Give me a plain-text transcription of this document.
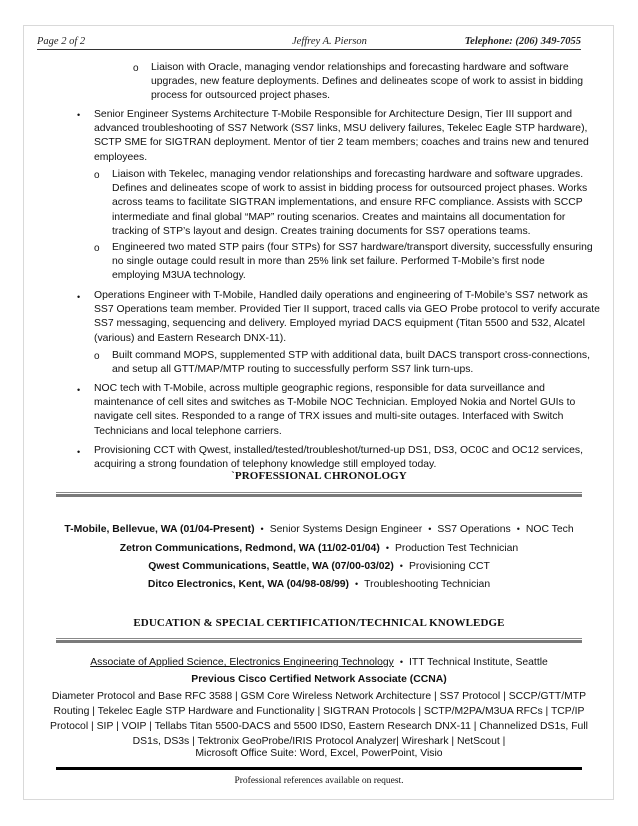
Page 2 of 2	Jeffrey A. Pierson	Telephone: (206) 349-7055
o Liaison with Oracle, managing vendor relationships and forecasting hardware and software
upgrades, new feature deployments. Defines and delineates scope of work to assist in bidding
process for outsourced project phases.
• Senior Engineer Systems Architecture T-Mobile Responsible for Architecture Design, Tier III support and
advanced troubleshooting of SS7 Network (SS7 links, MSU delivery failures, Tekelec Eagle STP hardware),
SCTP SME for SIGTRAN deployment. Mentor of tier 2 team members; coaches and trains new and tenured
employees.
o Liaison with Tekelec, managing vendor relationships and forecasting hardware and software upgrades.
Defines and delineates scope of work to assist in bidding process for outsourced project phases. Works
across teams to facilitate SIGTRAN implementations, and ensure RFC compliance. Assists with SCCP
intermediate and final global “MAP” routing scenarios. Creates and maintains all documentation for
tracking of STP’s layout and design. Creates training documents for SS7 operations teams.
o Engineered two mated STP pairs (four STPs) for SS7 hardware/transport diversity, successfully ensuring
no single outage could result in more than 25% link set failure. Performed T-Mobile’s first node
employing M3UA technology.
• Operations Engineer with T-Mobile, Handled daily operations and engineering of T-Mobile’s SS7 network as
SS7 Operations team member. Provided Tier II support, traced calls via GEO Probe protocol to verify accurate
SS7 messaging, sequencing and delivery. Employed myriad DACS equipment (Titan 5500 and 532, Alcatel
(various) and Eastern Research DNX-11).
o Built command MOPS, supplemented STP with additional data, built DACS transport cross-connections,
and setup all GTT/MAP/MTP routing to successfully perform SS7 link turn-ups.
• NOC tech with T-Mobile, across multiple geographic regions, responsible for data surveillance and
maintenance of cell sites and switches as T-Mobile NOC Technician. Employed Nokia and Nortel GUIs to
navigate cell sites. Responded to a range of TRX issues and multi-site outages. Interfaced with Switch
Technicians and local telephone carriers.
• Provisioning CCT with Qwest, installed/tested/troubleshot/turned-up DS1, DS3, OC0C and OC12 services,
acquiring a strong foundation of telephony knowledge still employed today.
`PROFESSIONAL CHRONOLOGY
T-Mobile, Bellevue, WA (01/04-Present) • Senior Systems Design Engineer • SS7 Operations • NOC Tech
Zetron Communications, Redmond, WA (11/02-01/04) • Production Test Technician
Qwest Communications, Seattle, WA (07/00-03/02) • Provisioning CCT
Ditco Electronics, Kent, WA (04/98-08/99) • Troubleshooting Technician
EDUCATION & SPECIAL CERTIFICATION/TECHNICAL KNOWLEDGE
Associate of Applied Science, Electronics Engineering Technology • ITT Technical Institute, Seattle
Previous Cisco Certified Network Associate (CCNA)
Diameter Protocol and Base RFC 3588 | GSM Core Wireless Network Architecture | SS7 Protocol | SCCP/GTT/MTP
Routing | Tekelec Eagle STP Hardware and Functionality | SIGTRAN Protocols | SCTP/M2PA/M3UA RFCs | TCP/IP
Protocol | SIP | VOIP | Tellabs Titan 5500-DACS and 5500 IDS0, Eastern Research DNX-11 | Channelized DS1s, Full
DS1s, DS3s | Tektronix GeoProbe/IRIS Protocol Analyzer| Wireshark | NetScout |
Microsoft Office Suite: Word, Excel, PowerPoint, Visio
Professional references available on request.
